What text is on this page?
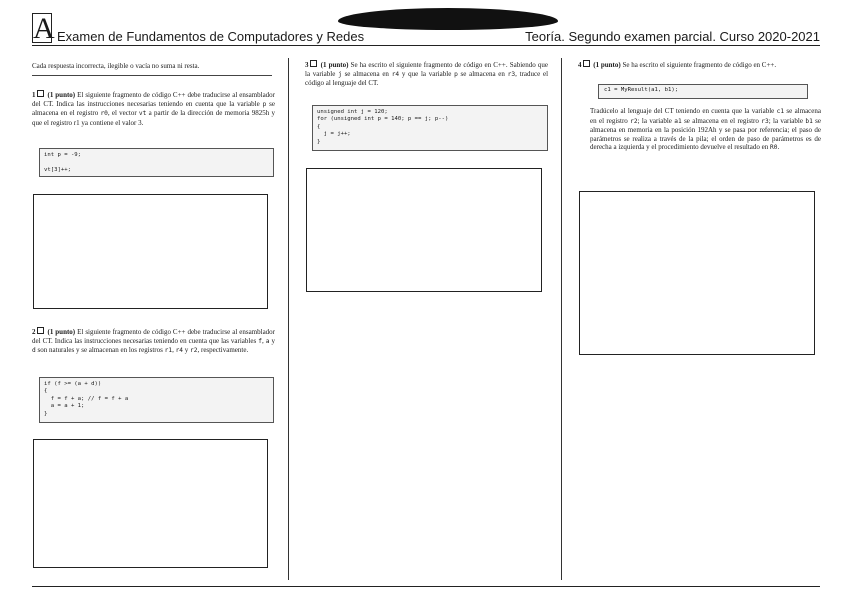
A Examen de Fundamentos de Computadores y Redes	Teoría. Segundo examen parcial. Curso 2020-2021
Cada respuesta incorrecta, ilegible o vacía no suma ni resta.
1 (1 punto) El siguiente fragmento de código C++ debe traducirse al ensamblador del CT. Indica las instrucciones necesarias teniendo en cuenta que la variable p se almacena en el registro r0, el vector vt a partir de la dirección de memoria 9825h y que el registro r1 ya contiene el valor 3.
int p = -9;

vt[3]++;
2 (1 punto) El siguiente fragmento de código C++ debe traducirse al ensamblador del CT. Indica las instrucciones necesarias teniendo en cuenta que las variables f, a y d son naturales y se almacenan en los registros r1, r4 y r2, respectivamente.
if (f >= (a + d))
{
f = f + a; // f = f + a
a = a + 1;
}
3 (1 punto) Se ha escrito el siguiente fragmento de código en C++. Sabiendo que la variable j se almacena en r4 y que la variable p se almacena en r3, traduce el código al lenguaje del CT.
unsigned int j = 120;
for (unsigned int p = 140; p == j; p--)
{
j = j++;
}
4 (1 punto) Se ha escrito el siguiente fragmento de código en C++.
c1 = MyResult(a1, b1);
Tradúcelo al lenguaje del CT teniendo en cuenta que la variable c1 se almacena en el registro r2; la variable a1 se almacena en el registro r3; la variable b1 se almacena en memoria en la posición 192Ah y se pasa por referencia; el paso de parámetros se realiza a través de la pila; el orden de paso de parámetros es de derecha a izquierda y el procedimiento devuelve el resultado en R0.
